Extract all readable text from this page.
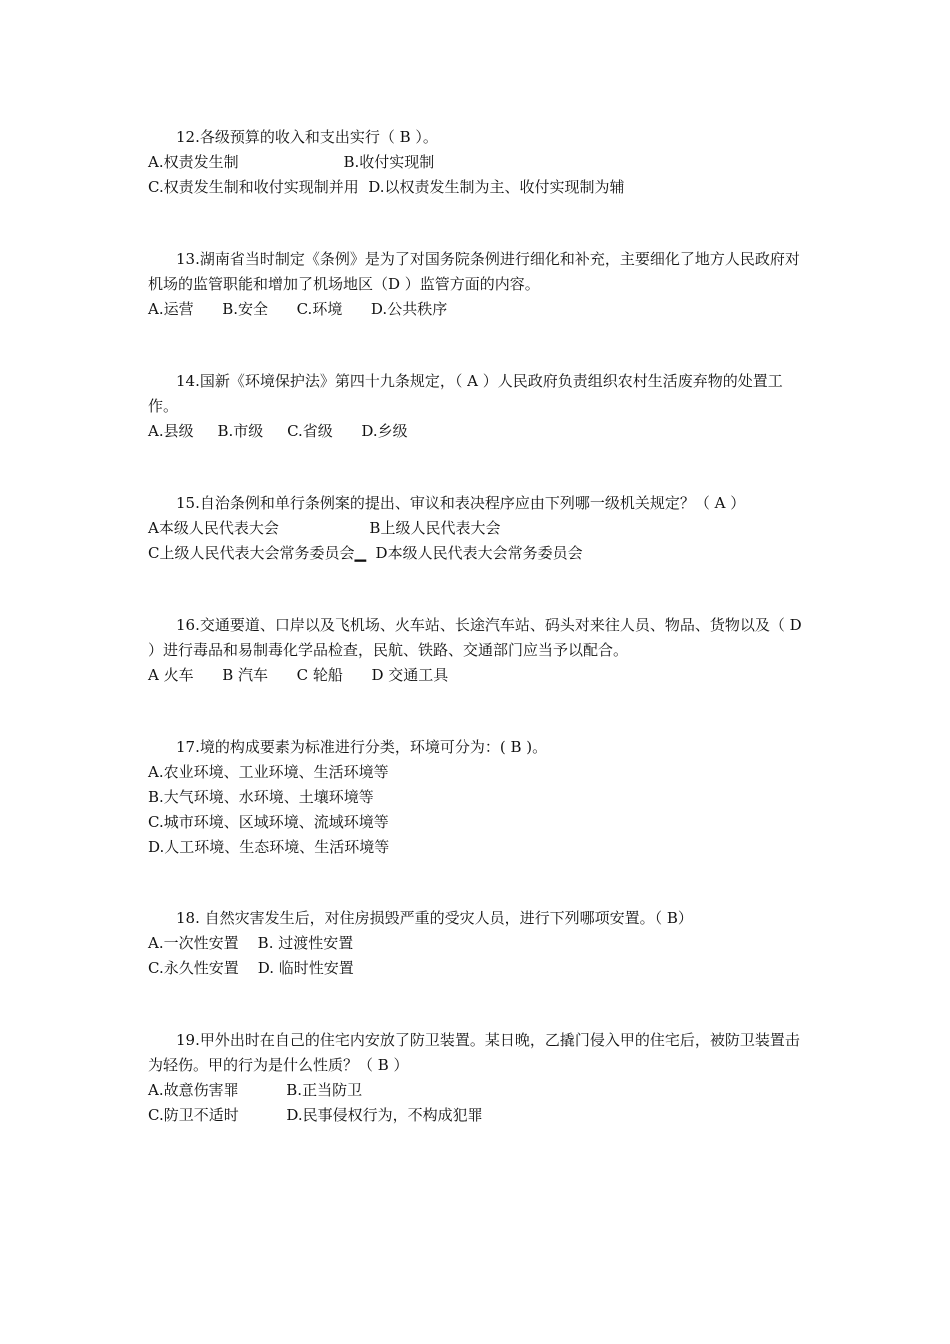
12.各级预算的收入和支出实行（ B ）。
A.权责发生制                      B.收付实现制
C.权责发生制和收付实现制并用  D.以权责发生制为主、收付实现制为辅
13.湖南省当时制定《条例》是为了对国务院条例进行细化和补充，主要细化了地方人民政府对机场的监管职能和增加了机场地区（D ）监管方面的内容。
A.运营      B.安全      C.环境      D.公共秩序
14.国新《环境保护法》第四十九条规定，（ A ）人民政府负责组织农村生活废弃物的处置工作。
A.县级     B.市级     C.省级      D.乡级
15.自治条例和单行条例案的提出、审议和表决程序应由下列哪一级机关规定？（ A ）
A本级人民代表大会                   B上级人民代表大会
C上级人民代表大会常务委员会▁  D本级人民代表大会常务委员会
16.交通要道、口岸以及飞机场、火车站、长途汽车站、码头对来往人员、物品、货物以及（ D ）进行毒品和易制毒化学品检查，民航、铁路、交通部门应当予以配合。
A 火车      B 汽车      C 轮船      D 交通工具
17.境的构成要素为标准进行分类，环境可分为：( B )。
A.农业环境、工业环境、生活环境等
B.大气环境、水环境、土壤环境等
C.城市环境、区域环境、流域环境等
D.人工环境、生态环境、生活环境等
18. 自然灾害发生后，对住房损毁严重的受灾人员，进行下列哪项安置。（ B）
A.一次性安置    B. 过渡性安置
C.永久性安置    D. 临时性安置
19.甲外出时在自己的住宅内安放了防卫装置。某日晚，乙撬门侵入甲的住宅后，被防卫装置击为轻伤。甲的行为是什么性质？（ B ）
A.故意伤害罪          B.正当防卫
C.防卫不适时          D.民事侵权行为，不构成犯罪
